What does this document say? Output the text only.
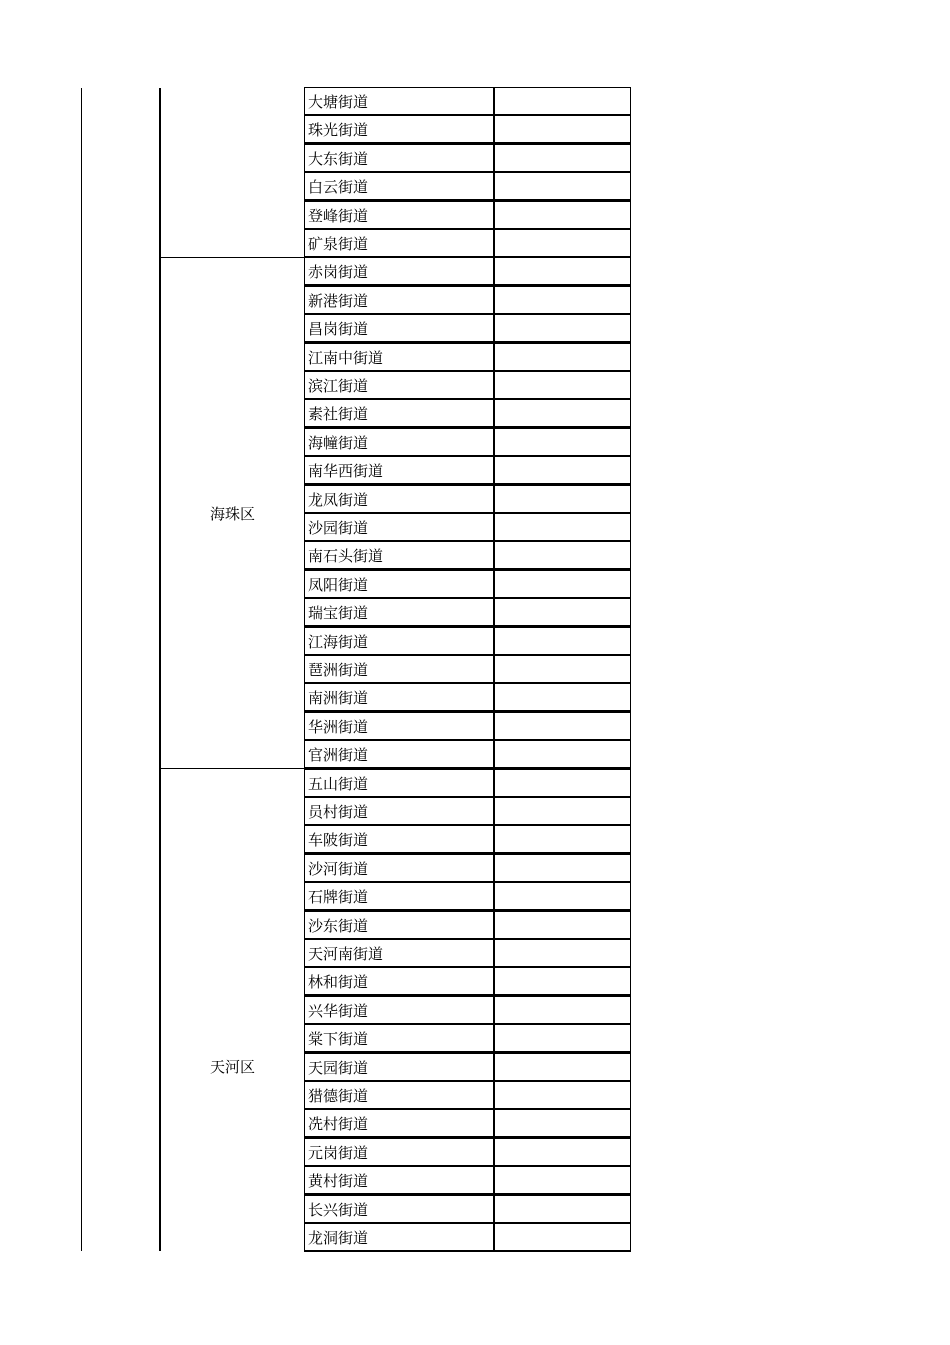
海珠区
天河区
大塘街道
珠光街道
大东街道
白云街道
登峰街道
矿泉街道
赤岗街道
新港街道
昌岗街道
江南中街道
滨江街道
素社街道
海幢街道
南华西街道
龙凤街道
沙园街道
南石头街道
凤阳街道
瑞宝街道
江海街道
琶洲街道
南洲街道
华洲街道
官洲街道
五山街道
员村街道
车陂街道
沙河街道
石牌街道
沙东街道
天河南街道
林和街道
兴华街道
棠下街道
天园街道
猎德街道
冼村街道
元岗街道
黄村街道
长兴街道
龙洞街道
